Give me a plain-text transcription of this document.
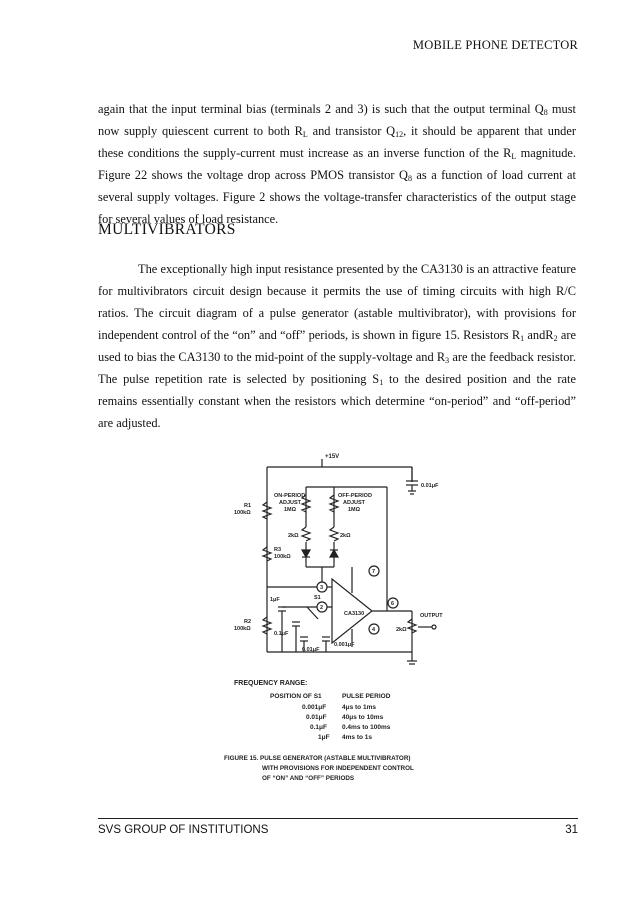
MOBILE PHONE DETECTOR
again that the input terminal bias (terminals 2 and 3) is such that the output terminal $Q_8$ must now supply quiescent current to both $R_L$ and transistor $Q_{12}$, it should be apparent that under these conditions the supply-current must increase as an inverse function of the $R_L$ magnitude. Figure 22 shows the voltage drop across PMOS transistor $Q_8$ as a function of load current at several supply voltages. Figure 2 shows the voltage-transfer characteristics of the output stage for several values of load resistance.
MULTIVIBRATORS
The exceptionally high input resistance presented by the CA3130 is an attractive feature for multivibrators circuit design because it permits the use of timing circuits with high R/C ratios. The circuit diagram of a pulse generator (astable multivibrator), with provisions for independent control of the “on” and “off” periods, is shown in figure 15. Resistors $R_1$ andR$_2$ are used to bias the CA3130 to the mid-point of the supply-voltage and $R_3$ are the feedback resistor. The pulse repetition rate is selected by positioning $S_1$ to the desired position and the rate remains essentially constant when the resistors which determine “on-period” and “off-period” are adjusted.
+15V
0.01μF
ON-PERIOD
ADJUST
1MΩ
OFF-PERIOD
ADJUST
1MΩ
R1
100kΩ
R3
100kΩ
2kΩ	2kΩ
R2
100kΩ
7
3
6
2
4
CA3130
S1
1μF
0.1μF
0.01μF
0.001μF
OUTPUT
2kΩ
FREQUENCY RANGE:
POSITION OF S1	PULSE PERIOD
0.001μF 4μs to 1ms
0.01μF 40μs to 10ms
0.1μF 0.4ms to 100ms
1μF 4ms to 1s
FIGURE 15. PULSE GENERATOR (ASTABLE MULTIVIBRATOR)
WITH PROVISIONS FOR INDEPENDENT CONTROL
OF “ON” AND “OFF” PERIODS
SVS GROUP OF INSTITUTIONS	31
